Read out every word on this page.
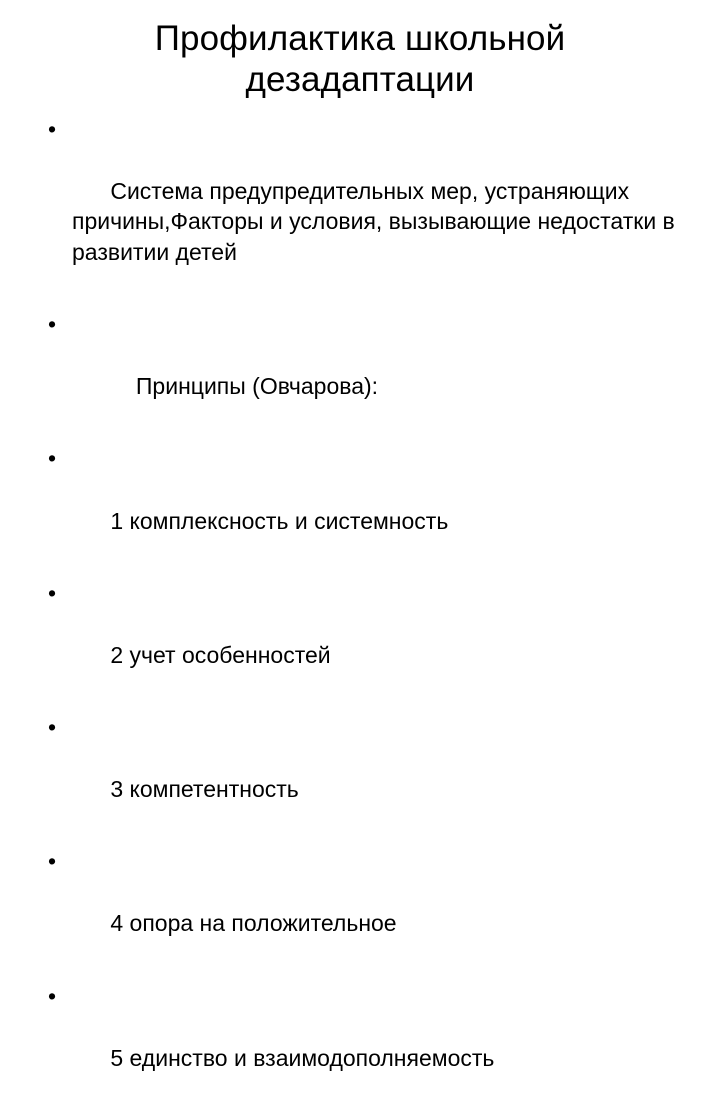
Профилактика школьной дезадаптации

•

Система предупредительных мер, устраняющих причины,Факторы и условия, вызывающие недостатки в развитии детей

•

Принципы (Овчарова):

•

1 комплексность и системность

•

2 учет особенностей

•

3 компетентность

•

4 опора на положительное

•

5 единство и взаимодополняемость
